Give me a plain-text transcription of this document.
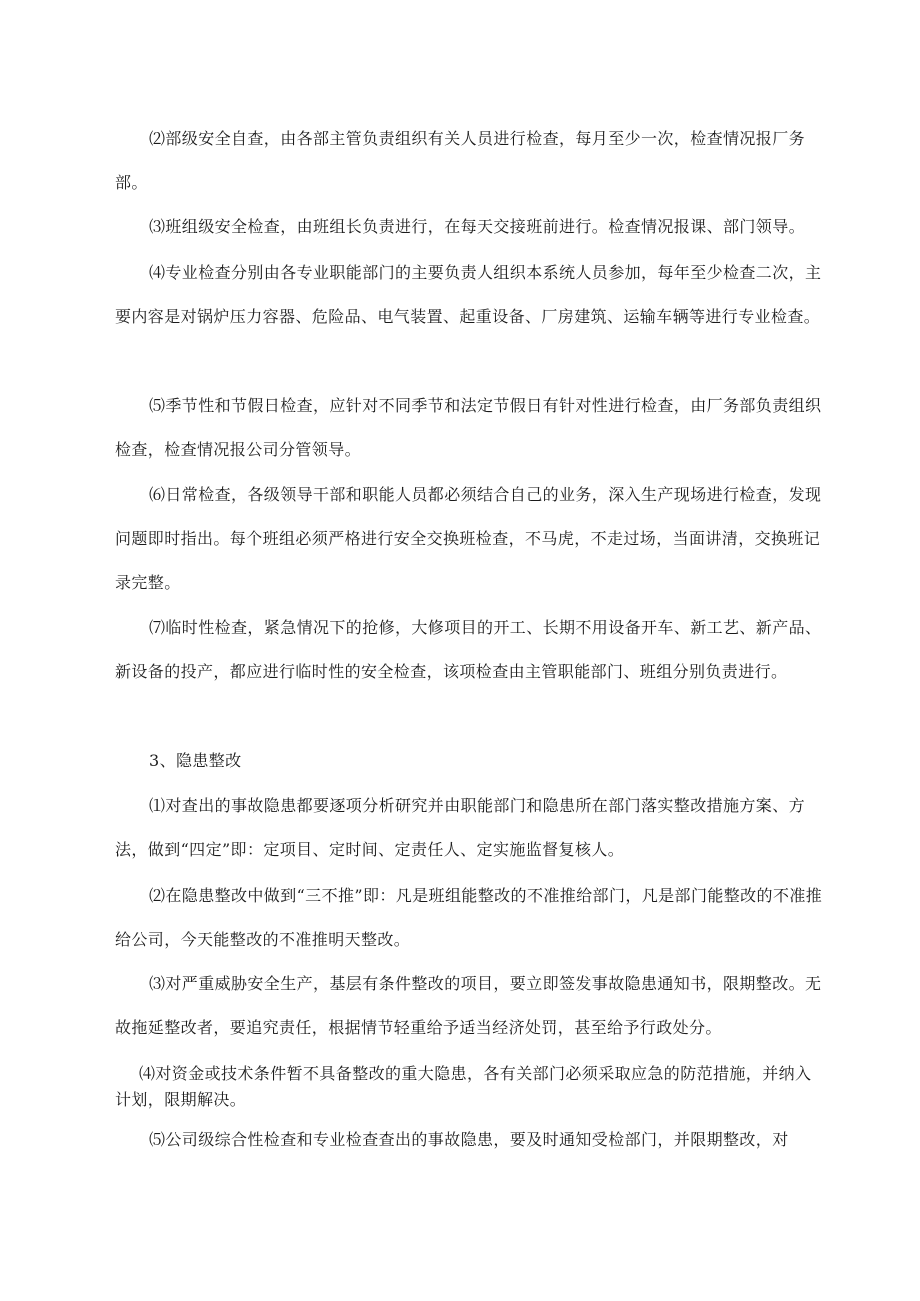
⑵部级安全自查，由各部主管负责组织有关人员进行检查，每月至少一次，检查情况报厂务部。

⑶班组级安全检查，由班组长负责进行，在每天交接班前进行。检查情况报课、部门领导。

⑷专业检查分别由各专业职能部门的主要负责人组织本系统人员参加，每年至少检查二次，主要内容是对锅炉压力容器、危险品、电气装置、起重设备、厂房建筑、运输车辆等进行专业检查。

⑸季节性和节假日检查，应针对不同季节和法定节假日有针对性进行检查，由厂务部负责组织检查，检查情况报公司分管领导。

⑹日常检查，各级领导干部和职能人员都必须结合自己的业务，深入生产现场进行检查，发现问题即时指出。每个班组必须严格进行安全交换班检查，不马虎，不走过场，当面讲清，交换班记录完整。

⑺临时性检查，紧急情况下的抢修，大修项目的开工、长期不用设备开车、新工艺、新产品、新设备的投产，都应进行临时性的安全检查，该项检查由主管职能部门、班组分别负责进行。

3、隐患整改

⑴对查出的事故隐患都要逐项分析研究并由职能部门和隐患所在部门落实整改措施方案、方法，做到“四定”即：定项目、定时间、定责任人、定实施监督复核人。

⑵在隐患整改中做到“三不推”即：凡是班组能整改的不准推给部门，凡是部门能整改的不准推给公司，今天能整改的不准推明天整改。

⑶对严重威胁安全生产，基层有条件整改的项目，要立即签发事故隐患通知书，限期整改。无故拖延整改者，要追究责任，根据情节轻重给予适当经济处罚，甚至给予行政处分。

⑷对资金或技术条件暂不具备整改的重大隐患，各有关部门必须采取应急的防范措施，并纳入计划，限期解决。

⑸公司级综合性检查和专业检查查出的事故隐患，要及时通知受检部门，并限期整改，对
